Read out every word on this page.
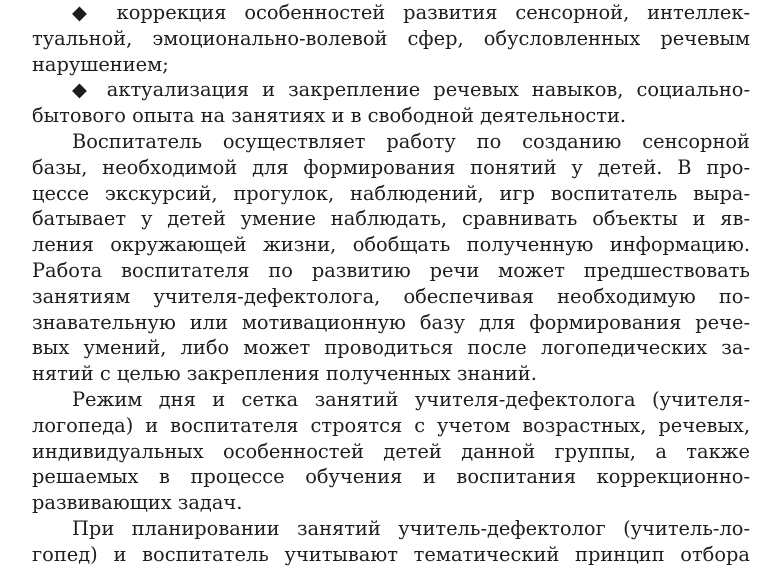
◆ коррекция особенностей развития сенсорной, интеллек-
туальной, эмоционально-волевой сфер, обусловленных речевым
нарушением;
◆ актуализация и закрепление речевых навыков, социально-
бытового опыта на занятиях и в свободной деятельности.
Воспитатель осуществляет работу по созданию сенсорной
базы, необходимой для формирования понятий у детей. В про-
цессе экскурсий, прогулок, наблюдений, игр воспитатель выра-
батывает у детей умение наблюдать, сравнивать объекты и яв-
ления окружающей жизни, обобщать полученную информацию.
Работа воспитателя по развитию речи может предшествовать
занятиям учителя-дефектолога, обеспечивая необходимую по-
знавательную или мотивационную базу для формирования рече-
вых умений, либо может проводиться после логопедических за-
нятий с целью закрепления полученных знаний.
Режим дня и сетка занятий учителя-дефектолога (учителя-
логопеда) и воспитателя строятся с учетом возрастных, речевых,
индивидуальных особенностей детей данной группы, а также
решаемых в процессе обучения и воспитания коррекционно-
развивающих задач.
При планировании занятий учитель-дефектолог (учитель-ло-
гопед) и воспитатель учитывают тематический принцип отбора
